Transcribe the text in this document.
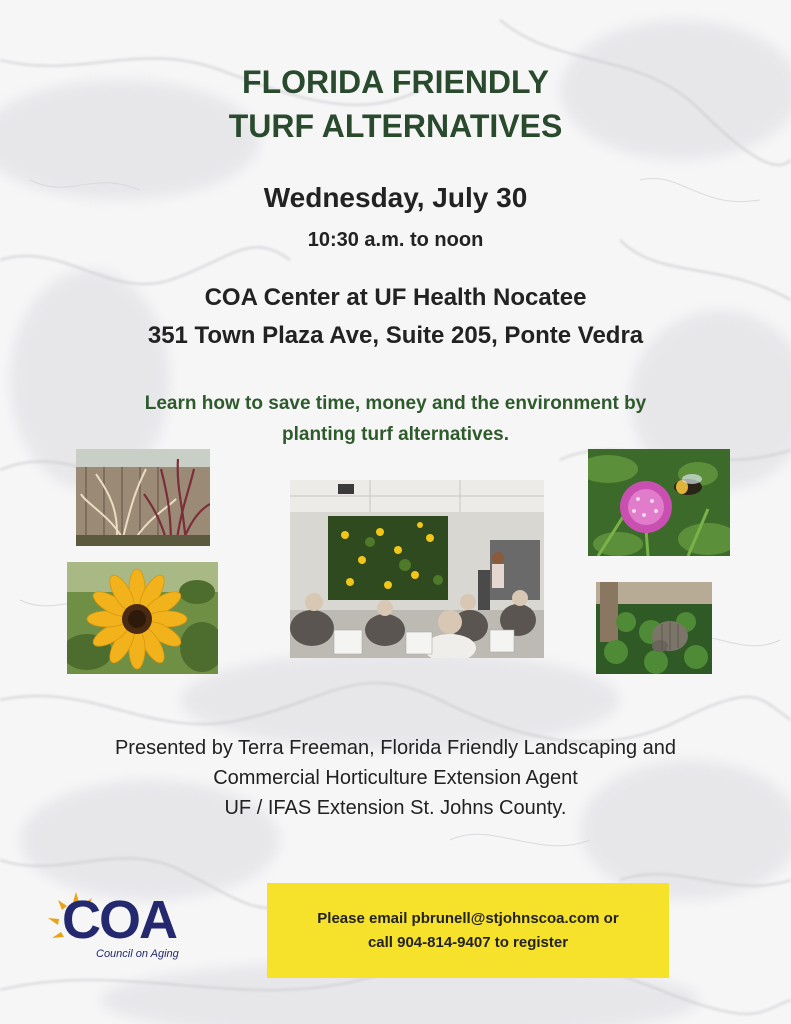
FLORIDA FRIENDLY
TURF ALTERNATIVES
Wednesday, July 30
10:30 a.m. to noon
COA Center at UF Health Nocatee
351 Town Plaza Ave, Suite 205, Ponte Vedra
Learn how to save time, money and the environment by
planting turf alternatives.
Presented by Terra Freeman, Florida Friendly Landscaping and
Commercial Horticulture Extension Agent
UF / IFAS Extension St. Johns County.
COA
Council on Aging
Please email pbrunell@stjohnscoa.com or
call 904-814-9407 to register
